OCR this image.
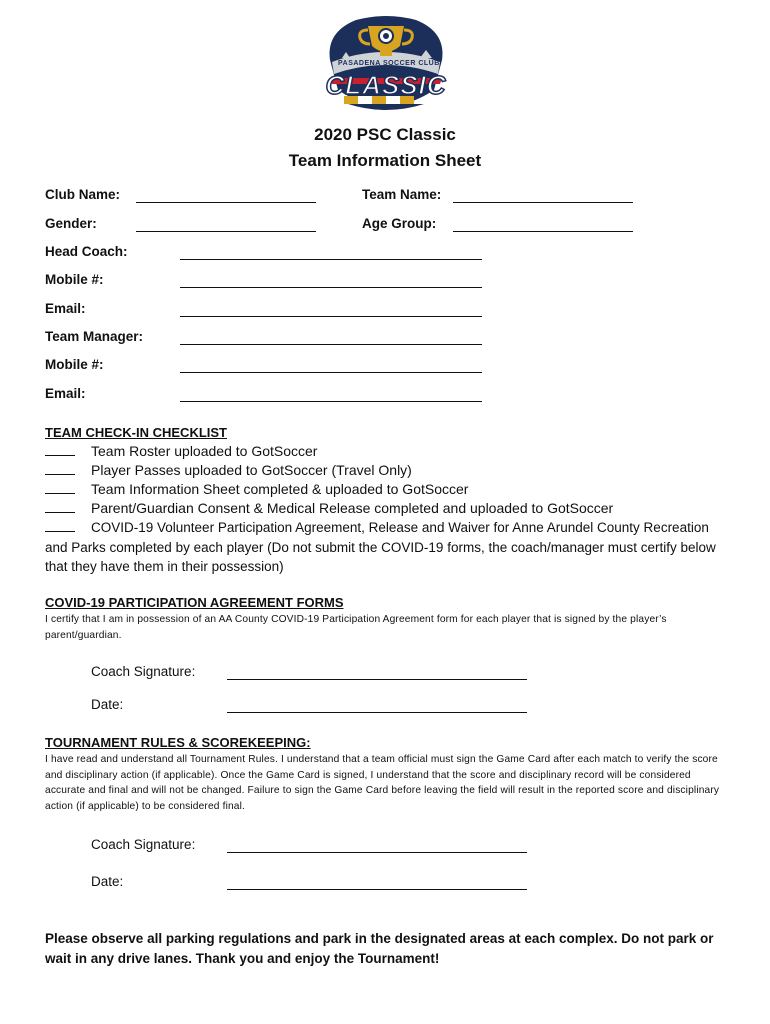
PASADENA SOCCER CLUB
CLASSIC
2020 PSC Classic
Team Information Sheet
Club Name:	Team Name:
Gender:	Age Group:
Head Coach:
Mobile #:
Email:
Team Manager:
Mobile #:
Email:
TEAM CHECK-IN CHECKLIST
Team Roster uploaded to GotSoccer
Player Passes uploaded to GotSoccer (Travel Only)
Team Information Sheet completed & uploaded to GotSoccer
Parent/Guardian Consent & Medical Release completed and uploaded to GotSoccer
COVID-19 Volunteer Participation Agreement, Release and Waiver for Anne Arundel County Recreation
and Parks completed by each player (Do not submit the COVID-19 forms, the coach/manager must certify below that they have them in their possession)
COVID-19 PARTICIPATION AGREEMENT FORMS
I certify that I am in possession of an AA County COVID-19 Participation Agreement form for each player that is signed by the player’s parent/guardian.
Coach Signature:
Date:
TOURNAMENT RULES & SCOREKEEPING:
I have read and understand all Tournament Rules. I understand that a team official must sign the Game Card after each match to verify the score and disciplinary action (if applicable). Once the Game Card is signed, I understand that the score and disciplinary record will be considered accurate and final and will not be changed. Failure to sign the Game Card before leaving the field will result in the reported score and disciplinary action (if applicable) to be considered final.
Coach Signature:
Date:
Please observe all parking regulations and park in the designated areas at each complex. Do not park or wait in any drive lanes. Thank you and enjoy the Tournament!
